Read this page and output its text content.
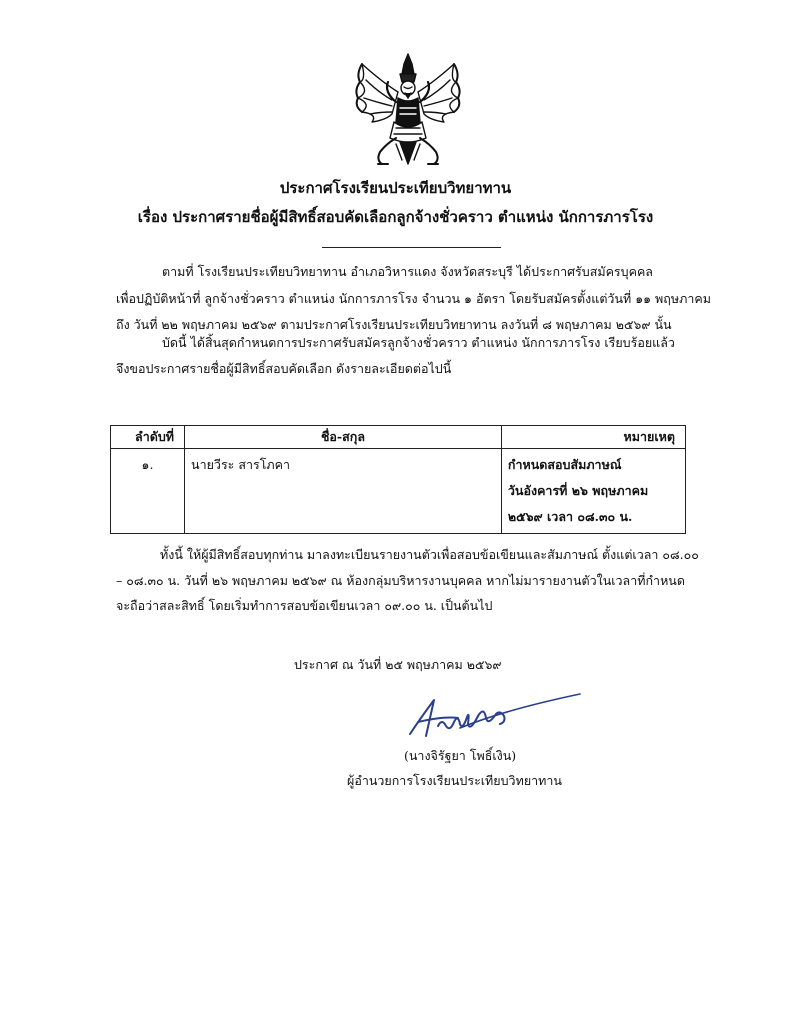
ประกาศโรงเรียนประเทียบวิทยาทาน
เรื่อง ประกาศรายชื่อผู้มีสิทธิ์สอบคัดเลือกลูกจ้างชั่วคราว ตำแหน่ง นักการภารโรง
ตามที่ โรงเรียนประเทียบวิทยาทาน อำเภอวิหารแดง จังหวัดสระบุรี ได้ประกาศรับสมัครบุคคล
เพื่อปฏิบัติหน้าที่ ลูกจ้างชั่วคราว ตำแหน่ง นักการภารโรง จำนวน ๑ อัตรา โดยรับสมัครตั้งแต่วันที่ ๑๑ พฤษภาคม
ถึง วันที่ ๒๒ พฤษภาคม ๒๕๖๙ ตามประกาศโรงเรียนประเทียบวิทยาทาน ลงวันที่ ๘ พฤษภาคม ๒๕๖๙ นั้น
บัดนี้ ได้สิ้นสุดกำหนดการประกาศรับสมัครลูกจ้างชั่วคราว ตำแหน่ง นักการภารโรง เรียบร้อยแล้ว
จึงขอประกาศรายชื่อผู้มีสิทธิ์สอบคัดเลือก ดังรายละเอียดต่อไปนี้
ลำดับที่	ชื่อ-สกุล	หมายเหตุ
๑.	นายวีระ สารโภคา	กำหนดสอบสัมภาษณ์
วันอังคารที่ ๒๖ พฤษภาคม
๒๕๖๙ เวลา ๐๘.๓๐ น.
ทั้งนี้ ให้ผู้มีสิทธิ์สอบทุกท่าน มาลงทะเบียนรายงานตัวเพื่อสอบข้อเขียนและสัมภาษณ์ ตั้งแต่เวลา ๐๘.๐๐
– ๐๘.๓๐ น. วันที่ ๒๖ พฤษภาคม ๒๕๖๙ ณ ห้องกลุ่มบริหารงานบุคคล หากไม่มารายงานตัวในเวลาที่กำหนด
จะถือว่าสละสิทธิ์ โดยเริ่มทำการสอบข้อเขียนเวลา ๐๙.๐๐ น. เป็นต้นไป
ประกาศ ณ วันที่ ๒๕ พฤษภาคม ๒๕๖๙
(นางจิรัฐยา โพธิ์เงิน)
ผู้อำนวยการโรงเรียนประเทียบวิทยาทาน
